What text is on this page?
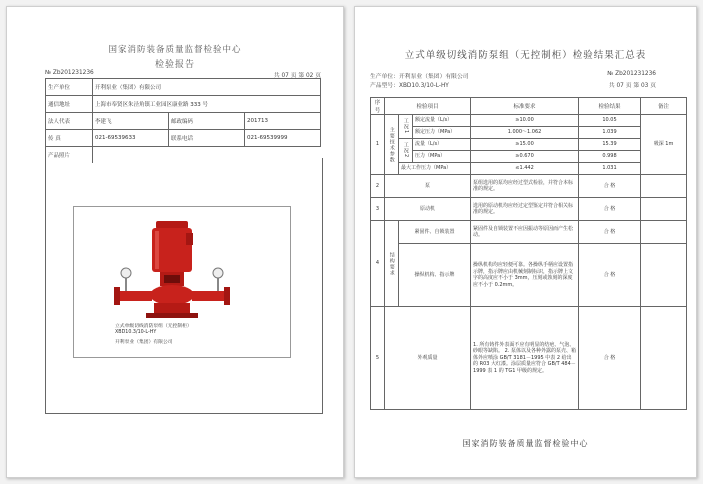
国家消防装备质量监督检验中心
检验报告
№ Zb201231236	共 07 页 第 02 页
生产单位	开利泵业（集团）有限公司		
通信地址	上海市奉贤区朱泾角镇工业园区康业路 333 号		
法人代表	李建飞	邮政编码	201713
传 真	021-69539633	联系电话	021-69539999
产品照片			
立式单级切线消防泵组（无控制柜）
XBD10.3/10-L-HY
开利泵业（集团）有限公司
立式单级切线消防泵组（无控制柜）检验结果汇总表
生产单位：开利泵业（集团）有限公司	№ Zb201231236
产品型号：XBD10.3/10-L-HY	共 07 页 第 03 页
序号	检验项目			标准要求	检验结果	备注
1	主要技术参数	工况1	额定流量（L/s）	≥10.00	10.05	吸深 1m
			额定压力（MPa）	1.000～1.062	1.039	
		工况2	流量（L/s）	≥15.00	15.39	
			压力（MPa）	≥0.670	0.998	
		最大工作压力（MPa）		≤1.442	1.031	
2	泵			泵组选用的泵均应经过型式检验，并符合本标准的规定。	合 格	
3	原动机			选用的原动机均应经过定型鉴定并符合相关标准的规定。	合 格	
4	结构要求	紧固件、自锁装置		紧固件及自锁装置不应因振动等原因而产生松动。	合 格	
		操纵机构、指示牌		操纵机构均应轻便可靠。各操纵手柄应设置指示牌，指示牌应由机械刻制标识，指示牌上文字的高度应不小于 3mm，压刻或蚀刻的深度应不小于 0.2mm。	合 格	
5	外观质量			1. 所有铸件外表面不应有明显的结疤、气泡、砂眼等缺陷。 2. 泵体以及各种外露的泵壳、箱体外应喷涂 GB/T 3181－1995 中表 2 给出的 R03 大红漆。涂层质量应符合 GB/T 484－1999 表 1 的 TG1 甲级的规定。	合 格	
国家消防装备质量监督检验中心
